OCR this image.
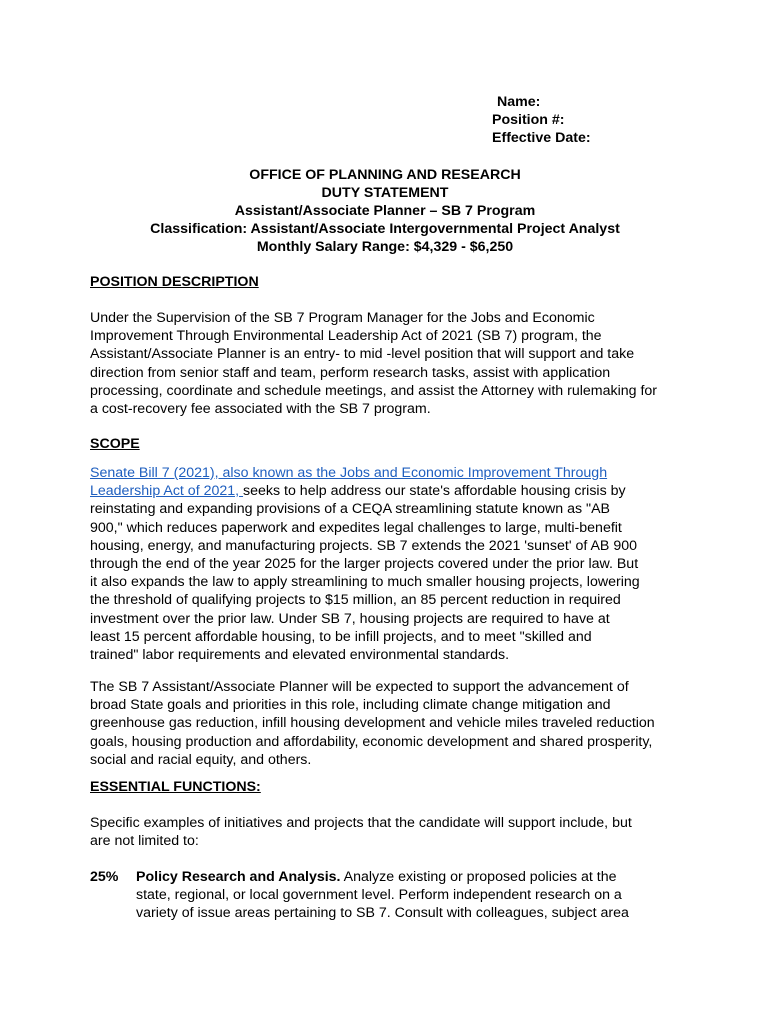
Name:
Position #:
Effective Date:
OFFICE OF PLANNING AND RESEARCH
DUTY STATEMENT
Assistant/Associate Planner – SB 7 Program
Classification: Assistant/Associate Intergovernmental Project Analyst
Monthly Salary Range: $4,329 - $6,250
POSITION DESCRIPTION
Under the Supervision of the SB 7 Program Manager for the Jobs and Economic
Improvement Through Environmental Leadership Act of 2021 (SB 7) program, the
Assistant/Associate Planner is an entry- to mid -level position that will support and take
direction from senior staff and team, perform research tasks, assist with application
processing, coordinate and schedule meetings, and assist the Attorney with rulemaking for
a cost-recovery fee associated with the SB 7 program.
SCOPE
Senate Bill 7 (2021), also known as the Jobs and Economic Improvement Through
Leadership Act of 2021, seeks to help address our state's affordable housing crisis by
reinstating and expanding provisions of a CEQA streamlining statute known as "AB
900," which reduces paperwork and expedites legal challenges to large, multi-benefit
housing, energy, and manufacturing projects. SB 7 extends the 2021 'sunset' of AB 900
through the end of the year 2025 for the larger projects covered under the prior law. But
it also expands the law to apply streamlining to much smaller housing projects, lowering
the threshold of qualifying projects to $15 million, an 85 percent reduction in required
investment over the prior law. Under SB 7, housing projects are required to have at
least 15 percent affordable housing, to be infill projects, and to meet "skilled and
trained" labor requirements and elevated environmental standards.
The SB 7 Assistant/Associate Planner will be expected to support the advancement of
broad State goals and priorities in this role, including climate change mitigation and
greenhouse gas reduction, infill housing development and vehicle miles traveled reduction
goals, housing production and affordability, economic development and shared prosperity,
social and racial equity, and others.
ESSENTIAL FUNCTIONS:
Specific examples of initiatives and projects that the candidate will support include, but
are not limited to:
25% Policy Research and Analysis. Analyze existing or proposed policies at the
state, regional, or local government level. Perform independent research on a
variety of issue areas pertaining to SB 7. Consult with colleagues, subject area
